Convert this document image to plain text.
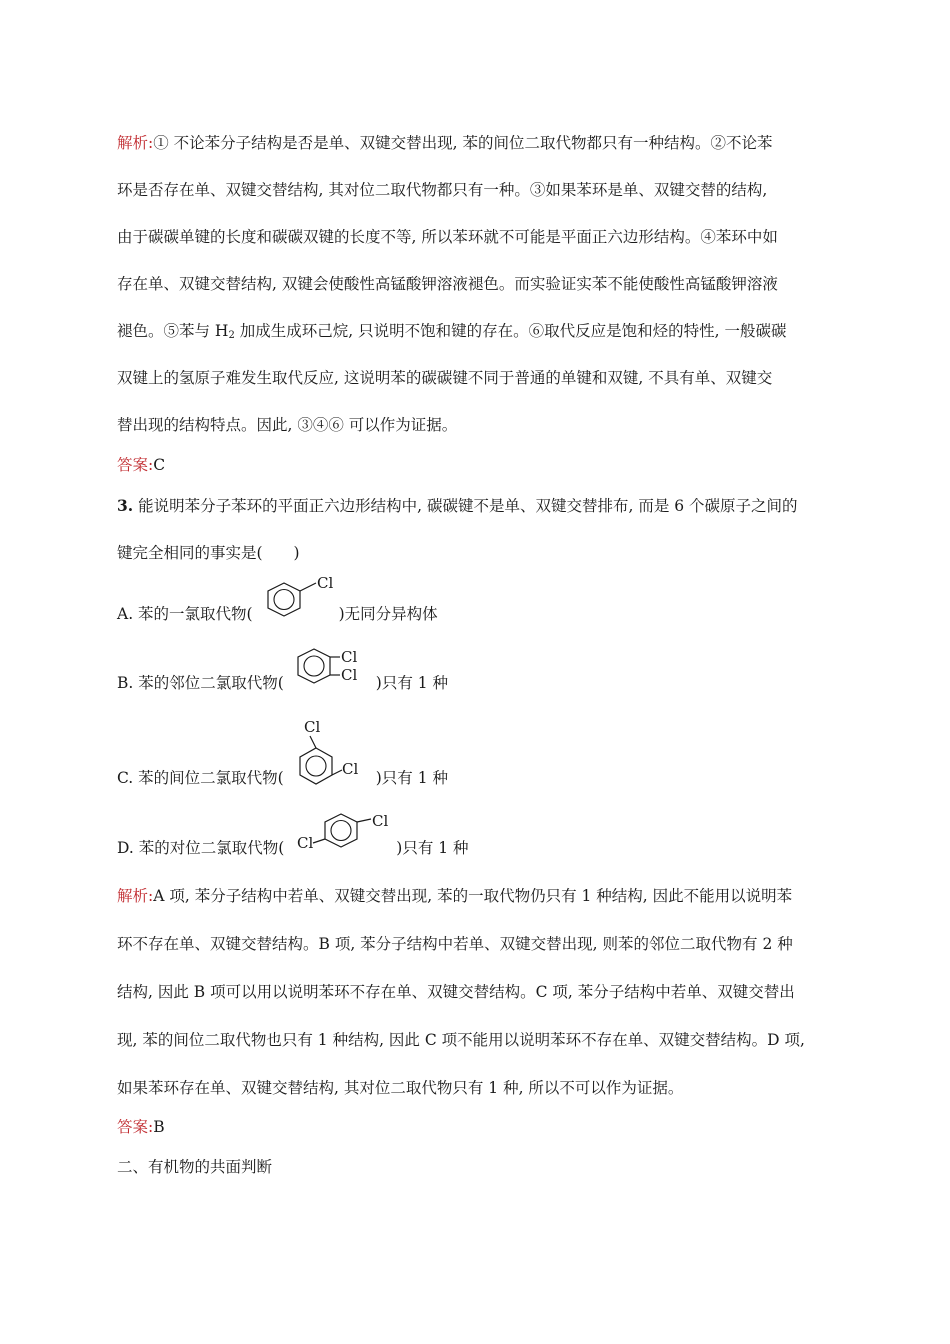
解析:① 不论苯分子结构是否是单、双键交替出现, 苯的间位二取代物都只有一种结构。②不论苯
环是否存在单、双键交替结构, 其对位二取代物都只有一种。③如果苯环是单、双键交替的结构,
由于碳碳单键的长度和碳碳双键的长度不等, 所以苯环就不可能是平面正六边形结构。④苯环中如
存在单、双键交替结构, 双键会使酸性高锰酸钾溶液褪色。而实验证实苯不能使酸性高锰酸钾溶液
褪色。⑤苯与 $H_2$ 加成生成环己烷, 只说明不饱和键的存在。⑥取代反应是饱和烃的特性, 一般碳碳
双键上的氢原子难发生取代反应, 这说明苯的碳碳键不同于普通的单键和双键, 不具有单、双键交
替出现的结构特点。因此, ③④⑥ 可以作为证据。
答案:C
3. 能说明苯分子苯环的平面正六边形结构中, 碳碳键不是单、双键交替排布, 而是 6 个碳原子之间的
键完全相同的事实是(　　)
A. 苯的一氯取代物(	)无同分异构体
Cl
B. 苯的邻位二氯取代物(	)只有 1 种
Cl
Cl
C. 苯的间位二氯取代物(	)只有 1 种
Cl
Cl
D. 苯的对位二氯取代物(	)只有 1 种
Cl
Cl
解析:A 项, 苯分子结构中若单、双键交替出现, 苯的一取代物仍只有 1 种结构, 因此不能用以说明苯
环不存在单、双键交替结构。B 项, 苯分子结构中若单、双键交替出现, 则苯的邻位二取代物有 2 种
结构, 因此 B 项可以用以说明苯环不存在单、双键交替结构。C 项, 苯分子结构中若单、双键交替出
现, 苯的间位二取代物也只有 1 种结构, 因此 C 项不能用以说明苯环不存在单、双键交替结构。D 项,
如果苯环存在单、双键交替结构, 其对位二取代物只有 1 种, 所以不可以作为证据。
答案:B
二、有机物的共面判断
